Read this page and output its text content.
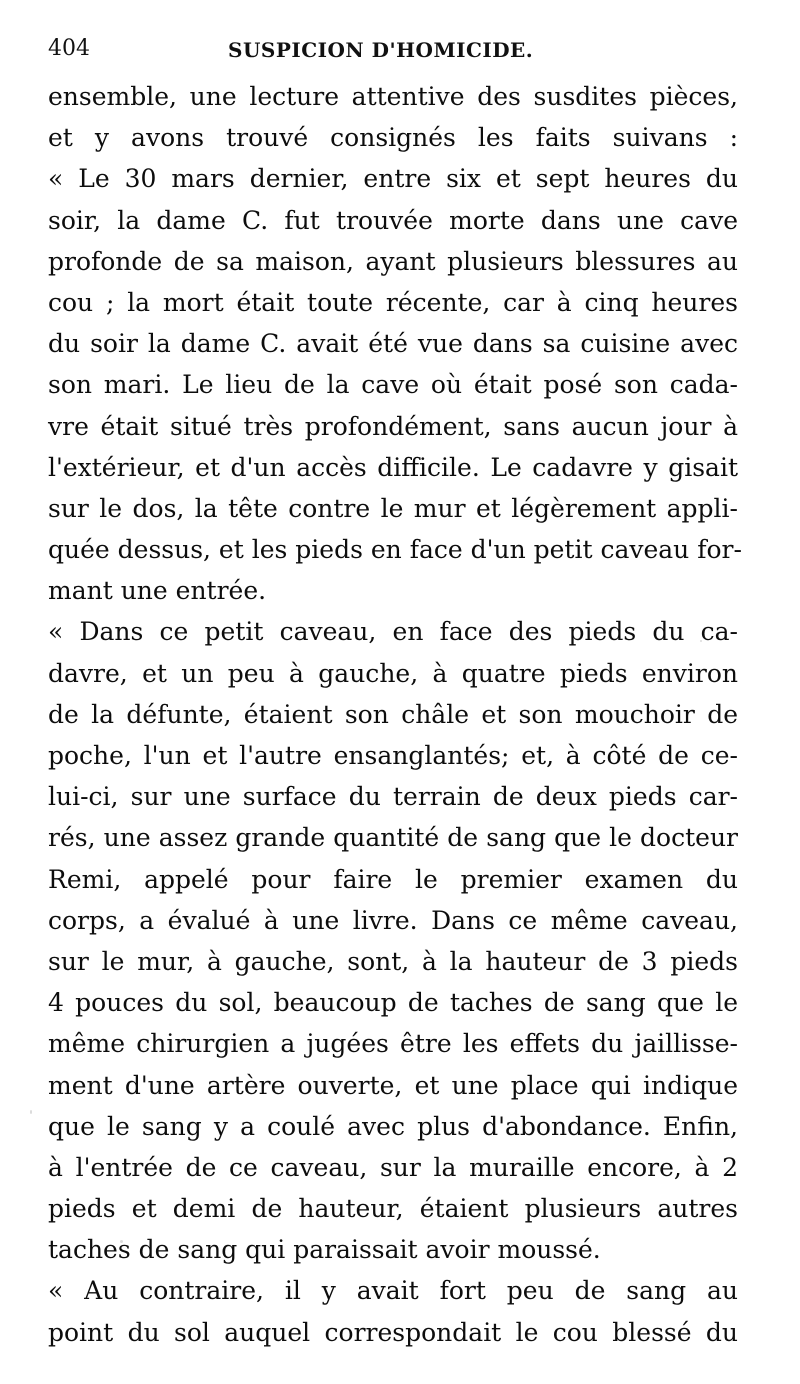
404	SUSPICION D'HOMICIDE.
ensemble, une lecture attentive des susdites pièces,
et y avons trouvé consignés les faits suivans :
« Le 30 mars dernier, entre six et sept heures du
soir, la dame C. fut trouvée morte dans une cave
profonde de sa maison, ayant plusieurs blessures au
cou ; la mort était toute récente, car à cinq heures
du soir la dame C. avait été vue dans sa cuisine avec
son mari. Le lieu de la cave où était posé son cada-
vre était situé très profondément, sans aucun jour à
l'extérieur, et d'un accès difficile. Le cadavre y gisait
sur le dos, la tête contre le mur et légèrement appli-
quée dessus, et les pieds en face d'un petit caveau for-
mant une entrée.
« Dans ce petit caveau, en face des pieds du ca-
davre, et un peu à gauche, à quatre pieds environ
de la défunte, étaient son châle et son mouchoir de
poche, l'un et l'autre ensanglantés; et, à côté de ce-
lui-ci, sur une surface du terrain de deux pieds car-
rés, une assez grande quantité de sang que le docteur
Remi, appelé pour faire le premier examen du
corps, a évalué à une livre. Dans ce même caveau,
sur le mur, à gauche, sont, à la hauteur de 3 pieds
4 pouces du sol, beaucoup de taches de sang que le
même chirurgien a jugées être les effets du jaillisse-
ment d'une artère ouverte, et une place qui indique
que le sang y a coulé avec plus d'abondance. Enfin,
à l'entrée de ce caveau, sur la muraille encore, à 2
pieds et demi de hauteur, étaient plusieurs autres
taches de sang qui paraissait avoir moussé.
« Au contraire, il y avait fort peu de sang au
point du sol auquel correspondait le cou blessé du
